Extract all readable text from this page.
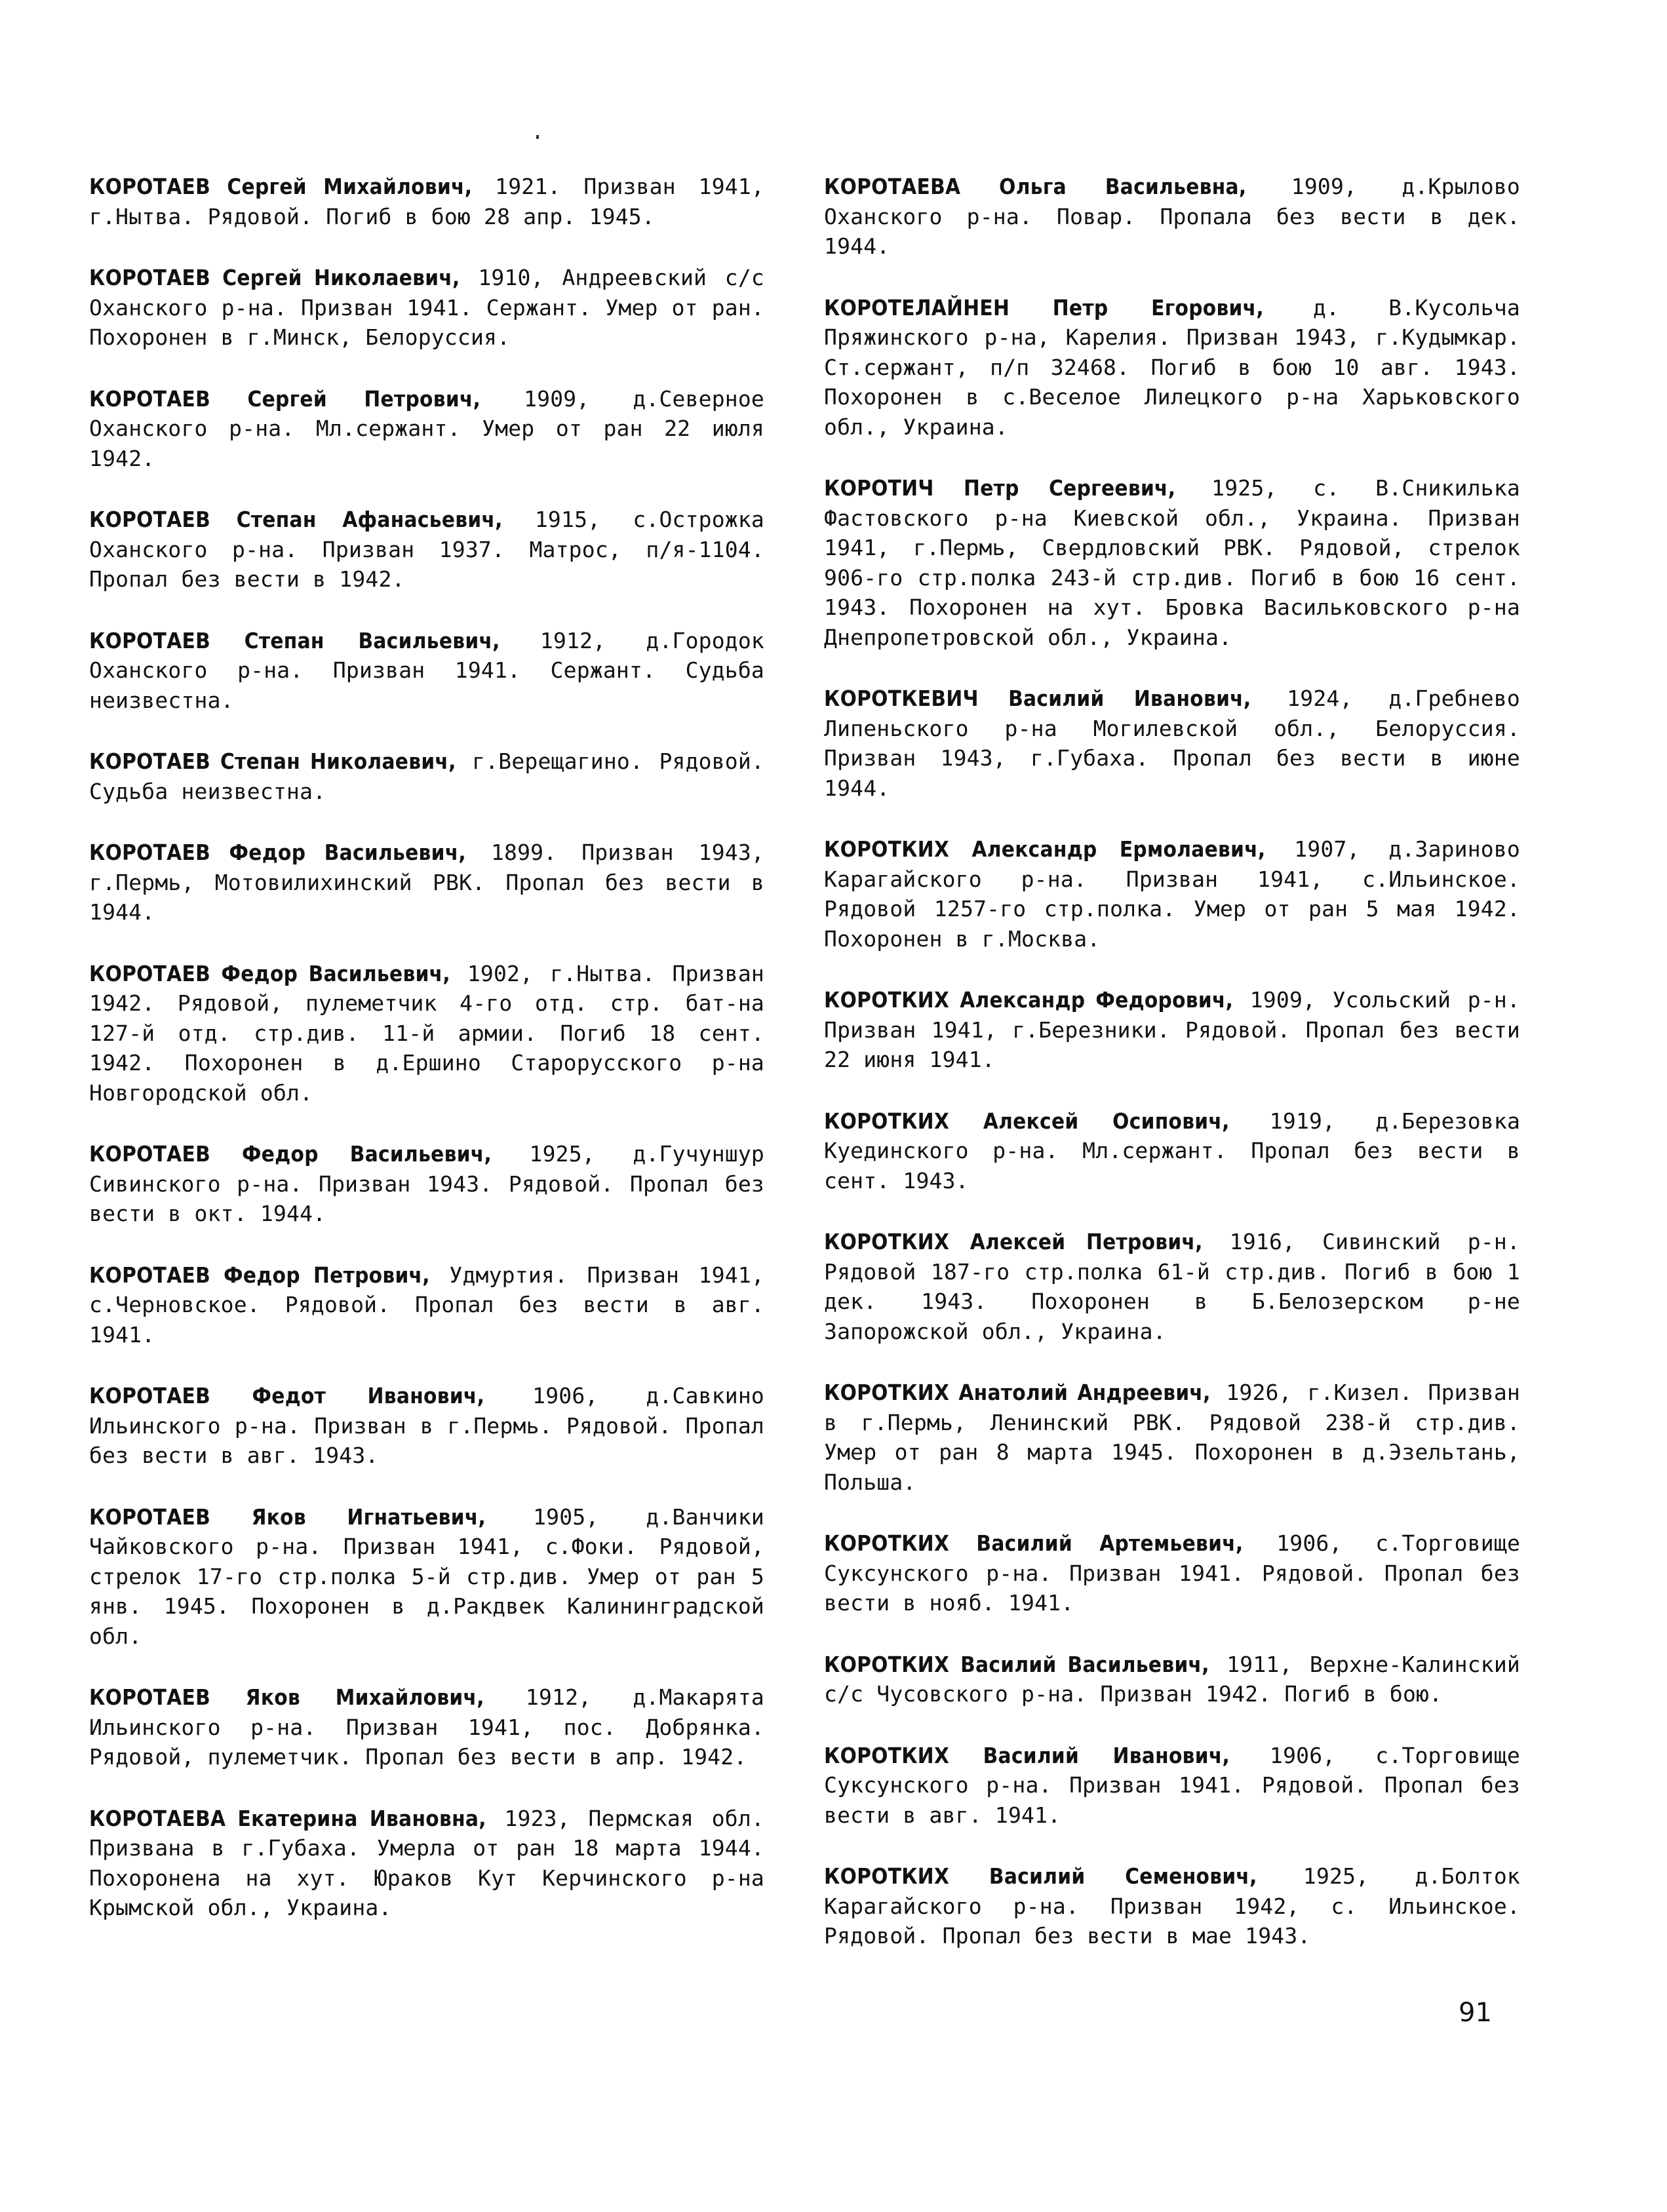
КОРОТАЕВ Сергей Михайлович, 1921. Призван 1941, г.Нытва. Рядовой. Погиб в бою 28 апр. 1945.

КОРОТАЕВ Сергей Николаевич, 1910, Андреевский с/с Оханского р-на. Призван 1941. Сержант. Умер от ран. Похоронен в г.Минск, Белоруссия.

КОРОТАЕВ Сергей Петрович, 1909, д.Северное Оханского р-на. Мл.сержант. Умер от ран 22 июля 1942.

КОРОТАЕВ Степан Афанасьевич, 1915, с.Острожка Оханского р-на. Призван 1937. Матрос, п/я-1104. Пропал без вести в 1942.

КОРОТАЕВ Степан Васильевич, 1912, д.Городок Оханского р-на. Призван 1941. Сержант. Судьба неизвестна.

КОРОТАЕВ Степан Николаевич, г.Верещагино. Рядовой. Судьба неизвестна.

КОРОТАЕВ Федор Васильевич, 1899. Призван 1943, г.Пермь, Мотовилихинский РВК. Пропал без вести в 1944.

КОРОТАЕВ Федор Васильевич, 1902, г.Нытва. Призван 1942. Рядовой, пулеметчик 4-го отд. стр. бат-на 127-й отд. стр.див. 11-й армии. Погиб 18 сент. 1942. Похоронен в д.Ершино Старорусского р-на Новгородской обл.

КОРОТАЕВ Федор Васильевич, 1925, д.Гучуншур Сивинского р-на. Призван 1943. Рядовой. Пропал без вести в окт. 1944.

КОРОТАЕВ Федор Петрович, Удмуртия. Призван 1941, с.Черновское. Рядовой. Пропал без вести в авг. 1941.

КОРОТАЕВ Федот Иванович, 1906, д.Савкино Ильинского р-на. Призван в г.Пермь. Рядовой. Пропал без вести в авг. 1943.

КОРОТАЕВ Яков Игнатьевич, 1905, д.Ванчики Чайковского р-на. Призван 1941, с.Фоки. Рядовой, стрелок 17-го стр.полка 5-й стр.див. Умер от ран 5 янв. 1945. Похоронен в д.Ракдвек Калининградской обл.

КОРОТАЕВ Яков Михайлович, 1912, д.Макарята Ильинского р-на. Призван 1941, пос. Добрянка. Рядовой, пулеметчик. Пропал без вести в апр. 1942.

КОРОТАЕВА Екатерина Ивановна, 1923, Пермская обл. Призвана в г.Губаха. Умерла от ран 18 марта 1944. Похоронена на хут. Юраков Кут Керчинского р-на Крымской обл., Украина.

КОРОТАЕВА Ольга Васильевна, 1909, д.Крылово Оханского р-на. Повар. Пропала без вести в дек. 1944.

КОРОТЕЛАЙНЕН Петр Егорович, д. В.Кусольча Пряжинского р-на, Карелия. Призван 1943, г.Кудымкар. Ст.сержант, п/п 32468. Погиб в бою 10 авг. 1943. Похоронен в с.Веселое Лилецкого р-на Харьковского обл., Украина.

КОРОТИЧ Петр Сергеевич, 1925, с. В.Сникилька Фастовского р-на Киевской обл., Украина. Призван 1941, г.Пермь, Свердловский РВК. Рядовой, стрелок 906-го стр.полка 243-й стр.див. Погиб в бою 16 сент. 1943. Похоронен на хут. Бровка Васильковского р-на Днепропетровской обл., Украина.

КОРОТКЕВИЧ Василий Иванович, 1924, д.Гребнево Липеньского р-на Могилевской обл., Белоруссия. Призван 1943, г.Губаха. Пропал без вести в июне 1944.

КОРОТКИХ Александр Ермолаевич, 1907, д.Зариново Карагайского р-на. Призван 1941, с.Ильинское. Рядовой 1257-го стр.полка. Умер от ран 5 мая 1942. Похоронен в г.Москва.

КОРОТКИХ Александр Федорович, 1909, Усольский р-н. Призван 1941, г.Березники. Рядовой. Пропал без вести 22 июня 1941.

КОРОТКИХ Алексей Осипович, 1919, д.Березовка Куединского р-на. Мл.сержант. Пропал без вести в сент. 1943.

КОРОТКИХ Алексей Петрович, 1916, Сивинский р-н. Рядовой 187-го стр.полка 61-й стр.див. Погиб в бою 1 дек. 1943. Похоронен в Б.Белозерском р-не Запорожской обл., Украина.

КОРОТКИХ Анатолий Андреевич, 1926, г.Кизел. Призван в г.Пермь, Ленинский РВК. Рядовой 238-й стр.див. Умер от ран 8 марта 1945. Похоронен в д.Эзельтань, Польша.

КОРОТКИХ Василий Артемьевич, 1906, с.Торговище Суксунского р-на. Призван 1941. Рядовой. Пропал без вести в нояб. 1941.

КОРОТКИХ Василий Васильевич, 1911, Верхне-Калинский с/с Чусовского р-на. Призван 1942. Погиб в бою.

КОРОТКИХ Василий Иванович, 1906, с.Торговище Суксунского р-на. Призван 1941. Рядовой. Пропал без вести в авг. 1941.

КОРОТКИХ Василий Семенович, 1925, д.Болток Карагайского р-на. Призван 1942, с. Ильинское. Рядовой. Пропал без вести в мае 1943.

91
